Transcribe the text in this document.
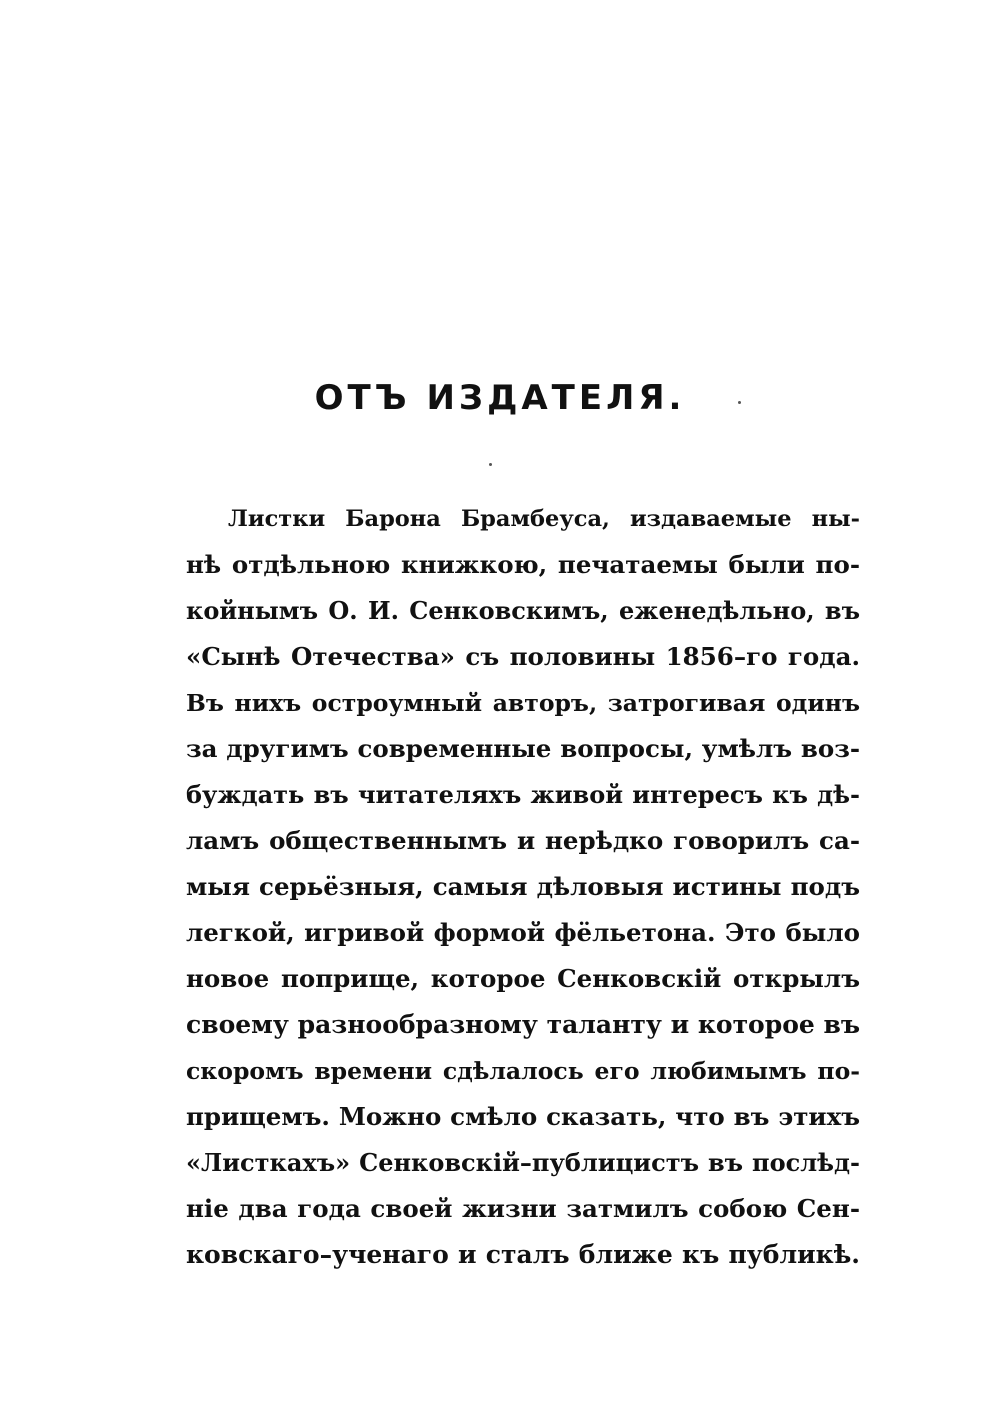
ОТЪ ИЗДАТЕЛЯ.
Листки Барона Брамбеуса, издаваемые ны-
нѣ отдѣльною книжкою, печатаемы были по-
койнымъ О. И. Сенковскимъ, еженедѣльно, въ
«Сынѣ Отечества» съ половины 1856–го года.
Въ нихъ остроумный авторъ, затрогивая одинъ
за другимъ современные вопросы, умѣлъ воз-
буждать въ читателяхъ живой интересъ къ дѣ-
ламъ общественнымъ и нерѣдко говорилъ са-
мыя серьёзныя, самыя дѣловыя истины подъ
легкой, игривой формой фёльетона. Это было
новое поприще, которое Сенковскій открылъ
своему разнообразному таланту и которое въ
скоромъ времени сдѣлалось его любимымъ по-
прищемъ. Можно смѣло сказать, что въ этихъ
«Листкахъ» Сенковскій–публицистъ въ послѣд-
ніе два года своей жизни затмилъ собою Сен-
ковскаго–ученаго и сталъ ближе къ публикѣ.
